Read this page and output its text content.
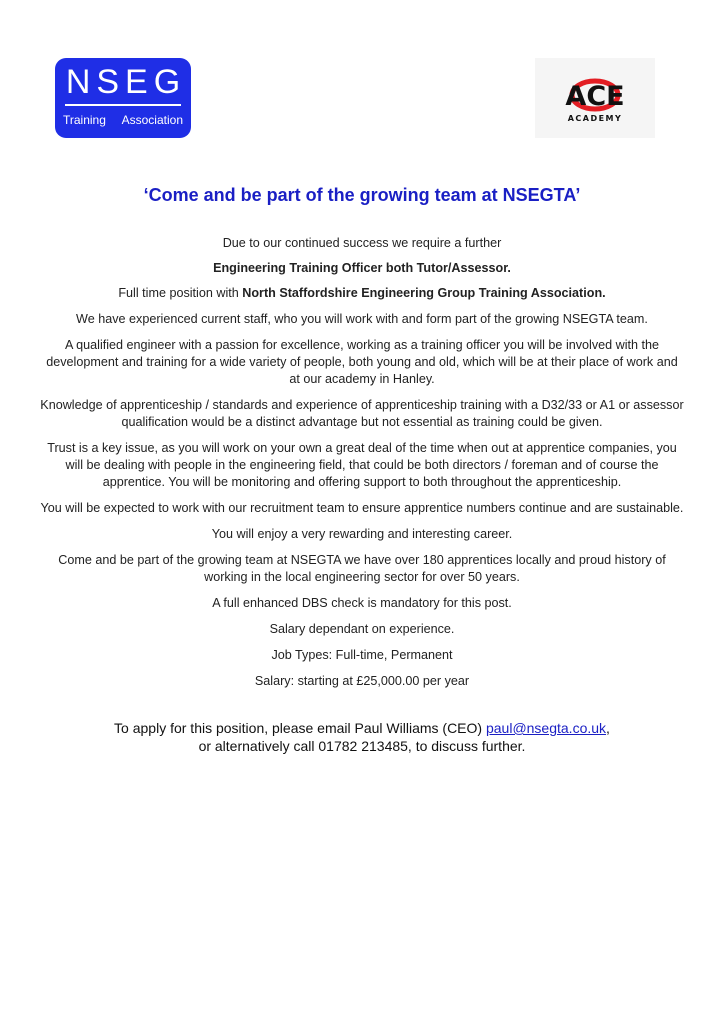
NSEG
Training Association
ACE
ACADEMY
‘Come and be part of the growing team at NSEGTA’

Due to our continued success we require a further

Engineering Training Officer both Tutor/Assessor.

Full time position with North Staffordshire Engineering Group Training Association.

We have experienced current staff, who you will work with and form part of the growing NSEGTA team.

A qualified engineer with a passion for excellence, working as a training officer you will be involved with the development and training for a wide variety of people, both young and old, which will be at their place of work and at our academy in Hanley.

Knowledge of apprenticeship / standards and experience of apprenticeship training with a D32/33 or A1 or assessor qualification would be a distinct advantage but not essential as training could be given.

Trust is a key issue, as you will work on your own a great deal of the time when out at apprentice companies, you will be dealing with people in the engineering field, that could be both directors / foreman and of course the apprentice. You will be monitoring and offering support to both throughout the apprenticeship.

You will be expected to work with our recruitment team to ensure apprentice numbers continue and are sustainable.

You will enjoy a very rewarding and interesting career.

Come and be part of the growing team at NSEGTA we have over 180 apprentices locally and proud history of working in the local engineering sector for over 50 years.

A full enhanced DBS check is mandatory for this post.

Salary dependant on experience.

Job Types: Full-time, Permanent

Salary: starting at £25,000.00 per year

To apply for this position, please email Paul Williams (CEO) paul@nsegta.co.uk,
or alternatively call 01782 213485, to discuss further.
